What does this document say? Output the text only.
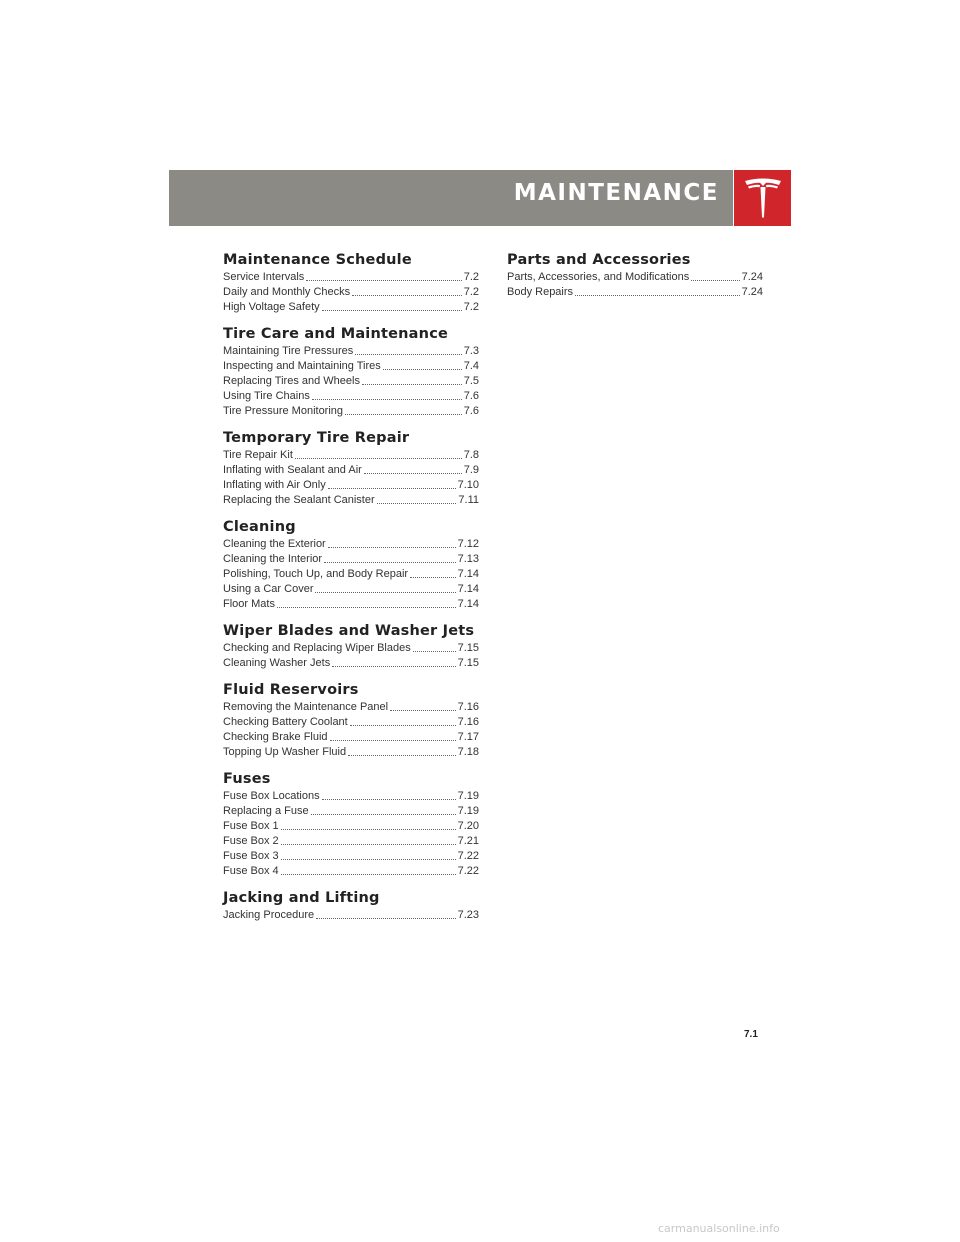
MAINTENANCE
Maintenance Schedule
Service Intervals	7.2
Daily and Monthly Checks	7.2
High Voltage Safety	7.2
Tire Care and Maintenance
Maintaining Tire Pressures	7.3
Inspecting and Maintaining Tires	7.4
Replacing Tires and Wheels	7.5
Using Tire Chains	7.6
Tire Pressure Monitoring	7.6
Temporary Tire Repair
Tire Repair Kit	7.8
Inflating with Sealant and Air	7.9
Inflating with Air Only	7.10
Replacing the Sealant Canister	7.11
Cleaning
Cleaning the Exterior	7.12
Cleaning the Interior	7.13
Polishing, Touch Up, and Body Repair	7.14
Using a Car Cover	7.14
Floor Mats	7.14
Wiper Blades and Washer Jets
Checking and Replacing Wiper Blades	7.15
Cleaning Washer Jets	7.15
Fluid Reservoirs
Removing the Maintenance Panel	7.16
Checking Battery Coolant	7.16
Checking Brake Fluid	7.17
Topping Up Washer Fluid	7.18
Fuses
Fuse Box Locations	7.19
Replacing a Fuse	7.19
Fuse Box 1	7.20
Fuse Box 2	7.21
Fuse Box 3	7.22
Fuse Box 4	7.22
Jacking and Lifting
Jacking Procedure	7.23
Parts and Accessories
Parts, Accessories, and Modifications	7.24
Body Repairs	7.24
7.1
carmanualsonline.info
